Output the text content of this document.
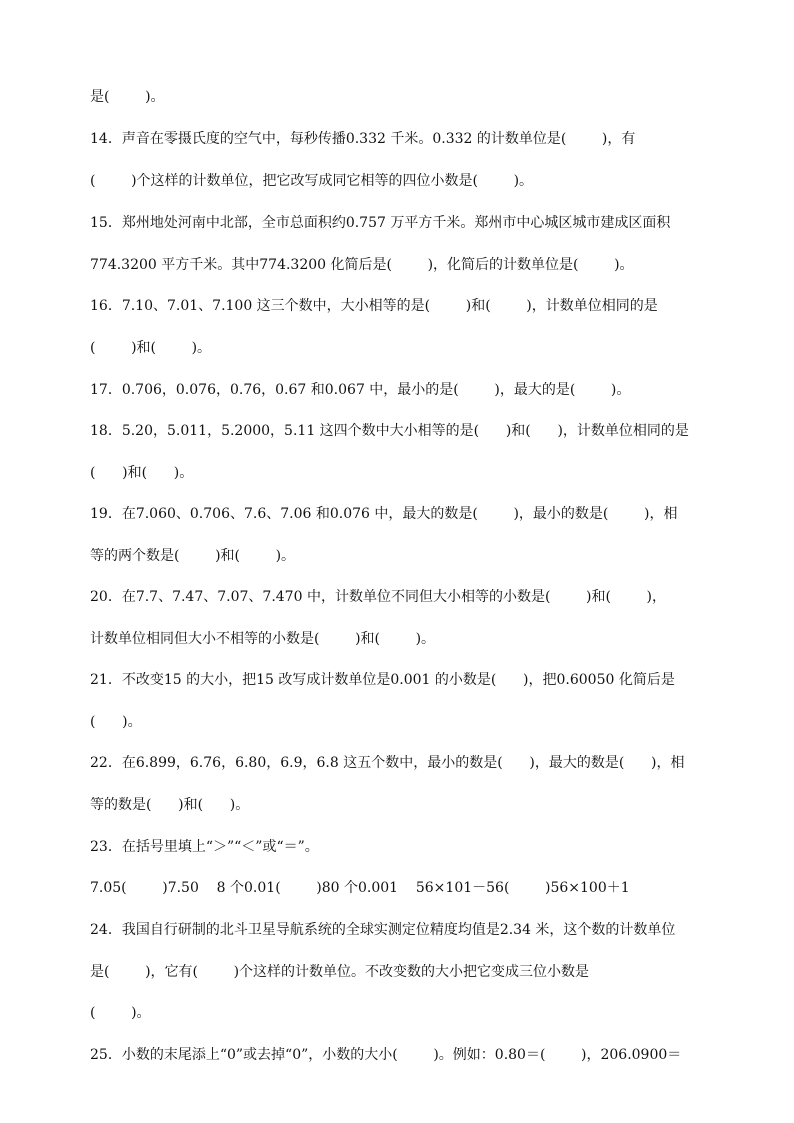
是(        )。
14．声音在零摄氏度的空气中，每秒传播0.332 千米。0.332 的计数单位是(        )，有
(        )个这样的计数单位，把它改写成同它相等的四位小数是(        )。
15．郑州地处河南中北部，全市总面积约0.757 万平方千米。郑州市中心城区城市建成区面积
774.3200 平方千米。其中774.3200 化简后是(        )，化简后的计数单位是(        )。
16．7.10、7.01、7.100 这三个数中，大小相等的是(        )和(        )，计数单位相同的是
(        )和(        )。
17．0.706，0.076，0.76，0.67 和0.067 中，最小的是(        )，最大的是(        )。
18．5.20，5.011，5.2000，5.11 这四个数中大小相等的是(      )和(      )，计数单位相同的是
(      )和(      )。
19．在7.060、0.706、7.6、7.06 和0.076 中，最大的数是(        )，最小的数是(        )，相
等的两个数是(        )和(        )。
20．在7.7、7.47、7.07、7.470 中，计数单位不同但大小相等的小数是(        )和(        )，
计数单位相同但大小不相等的小数是(        )和(        )。
21．不改变15 的大小，把15 改写成计数单位是0.001 的小数是(      )，把0.60050 化简后是
(      )。
22．在6.899，6.76，6.80，6.9，6.8 这五个数中，最小的数是(      )，最大的数是(      )，相
等的数是(      )和(      )。
23．在括号里填上“＞”“＜”或“＝”。
7.05(        )7.50    8 个0.01(        )80 个0.001    56×101－56(        )56×100＋1
24．我国自行研制的北斗卫星导航系统的全球实测定位精度均值是2.34 米，这个数的计数单位
是(        )，它有(        )个这样的计数单位。不改变数的大小把它变成三位小数是
(        )。
25．小数的末尾添上“0”或去掉“0”，小数的大小(        )。例如：0.80＝(        )，206.0900＝
